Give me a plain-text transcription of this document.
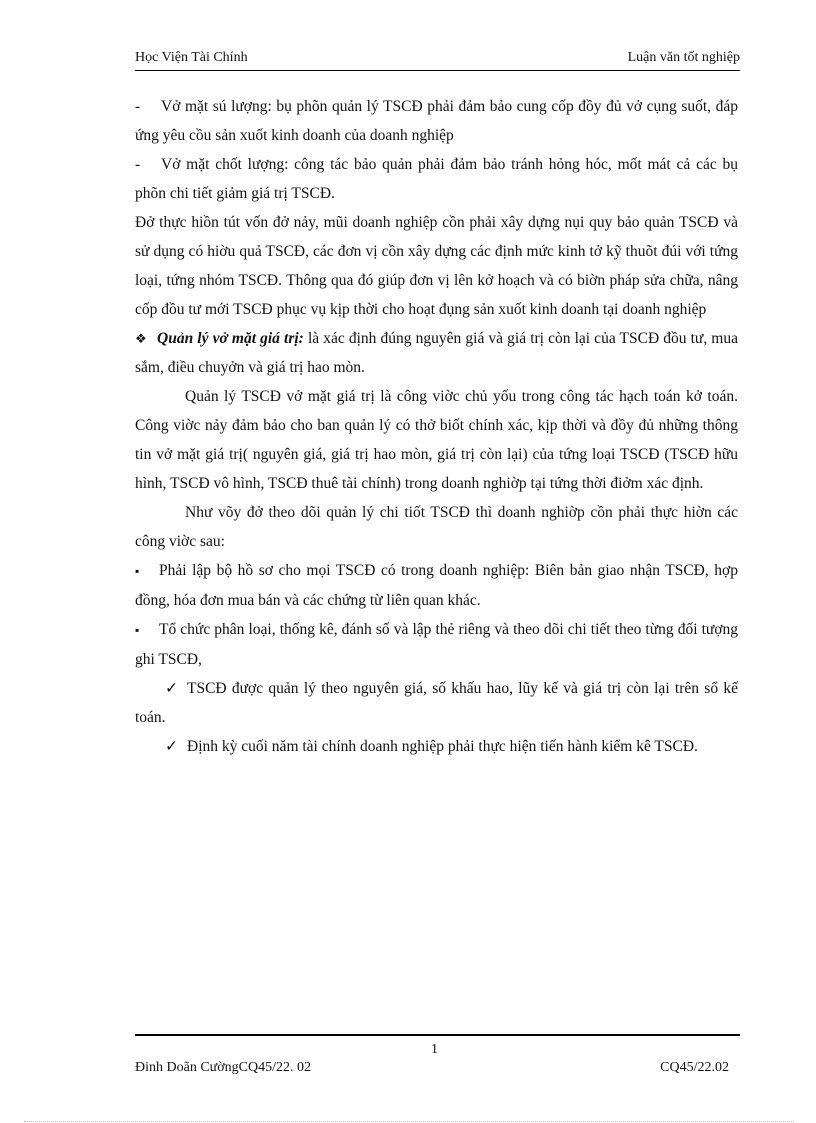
Học Viện Tài Chính	Luận văn tốt nghiệp

- Vở mặt sú lượng: bụ phõn quản lý TSCĐ phải đảm bảo cung cốp đồy đủ vở cụng suốt, đáp ứng yêu cồu sản xuốt kinh doanh của doanh nghiệp

- Vở mặt chốt lượng: công tác bảo quản phải đảm bảo tránh hỏng hóc, mốt mát cả các bụ phõn chi tiết giảm giá trị TSCĐ.

Đở thực hiồn tút vốn đở nảy, mũi doanh nghiệp cồn phải xây dựng nụi quy bảo quản TSCĐ và sử dụng có hiờu quả TSCĐ, các đơn vị cồn xây dựng các định mức kinh tở kỹ thuõt đúi với tứng loại, tứng nhóm TSCĐ. Thông qua đó giúp đơn vị lên kở hoạch và có biờn pháp sửa chữa, nâng cốp đồu tư mới TSCĐ phục vụ kịp thời cho hoạt đụng sản xuốt kinh doanh tại doanh nghiệp

❖ Quản lý vở mặt giá trị: là xác định đúng nguyên giá và giá trị còn lại của TSCĐ đồu tư, mua sắm, điều chuyởn và giá trị hao mòn.

Quản lý TSCĐ vở mặt giá trị là công viờc chủ yốu trong công tác hạch toán kở toán. Công viờc nảy đảm bảo cho ban quản lý có thở biốt chính xác, kịp thời và đồy đủ những thông tin vở mặt giá trị( nguyên giá, giá trị hao mòn, giá trị còn lại) của tứng loại TSCĐ (TSCĐ hữu hình, TSCĐ vô hình, TSCĐ thuê tài chính) trong doanh nghiờp tại tứng thời điởm xác định.

Như võy đở theo dõi quản lý chi tiốt TSCĐ thì doanh nghiờp cồn phải thực hiờn các công viờc sau:

▪ Phải lập bộ hồ sơ cho mọi TSCĐ có trong doanh nghiệp: Biên bản giao nhận TSCĐ, hợp đồng, hóa đơn mua bán và các chứng từ liên quan khác.

▪ Tổ chức phân loại, thống kê, đánh số và lập thẻ riêng và theo dõi chi tiết theo từng đối tượng ghi TSCĐ,

✓ TSCĐ được quản lý theo nguyên giá, số khấu hao, lũy kế và giá trị còn lại trên sổ kế toán.

✓ Định kỳ cuối năm tài chính doanh nghiệp phải thực hiện tiến hành kiểm kê TSCĐ.

1
Đinh Doãn CườngCQ45/22. 02	CQ45/22.02
